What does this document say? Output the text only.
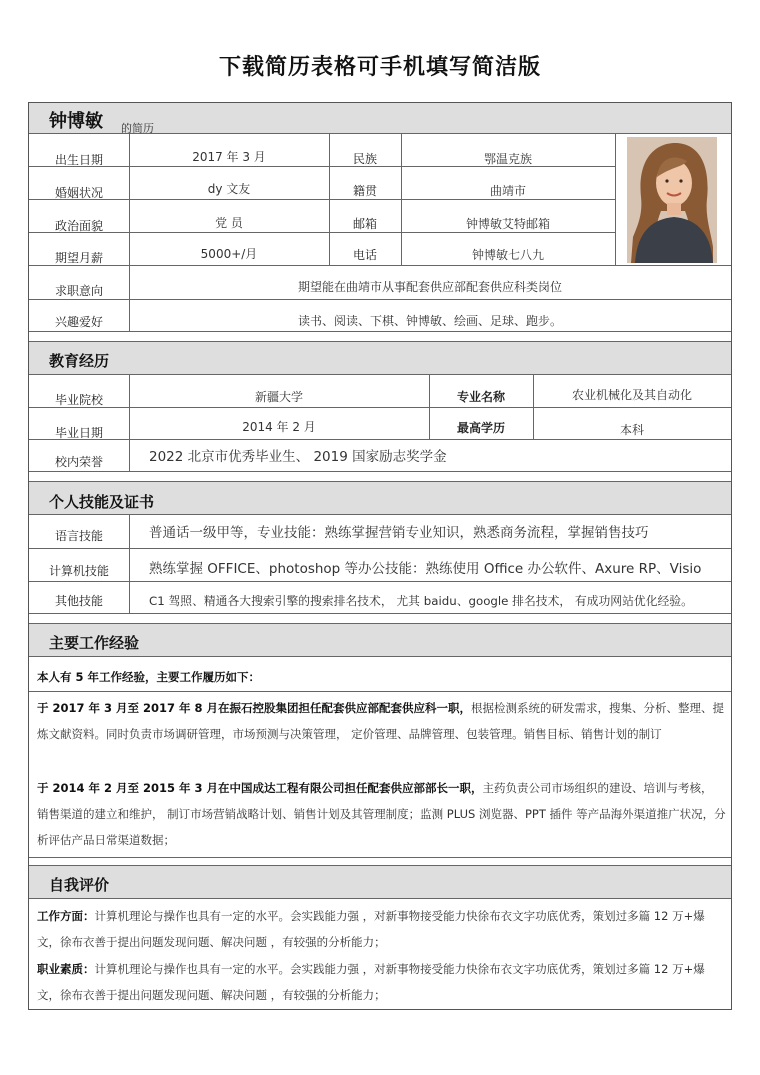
下载简历表格可手机填写简洁版
钟博敏 的简历
出生日期	2017 年 3 月	民族	鄂温克族
婚姻状况	dy 文友	籍贯	曲靖市
政治面貌	党 员	邮箱	钟博敏艾特邮箱
期望月薪	5000+/月	电话	钟博敏七八九
求职意向	期望能在曲靖市从事配套供应部配套供应科类岗位
兴趣爱好	读书、阅读、下棋、钟博敏、绘画、足球、跑步。
教育经历
毕业院校	新疆大学	专业名称	农业机械化及其自动化
毕业日期	2014 年 2 月	最高学历	本科
校内荣誉	2022 北京市优秀毕业生、 2019 国家励志奖学金
个人技能及证书
语言技能	普通话一级甲等，专业技能：熟练掌握营销专业知识，熟悉商务流程，掌握销售技巧
计算机技能	熟练掌握 OFFICE、photoshop 等办公技能：熟练使用 Office 办公软件、Axure RP、Visio
其他技能	C1 驾照、精通各大搜索引擎的搜索排名技术， 尤其 baidu、google 排名技术， 有成功网站优化经验。
主要工作经验
本人有 5 年工作经验，主要工作履历如下：
于 2017 年 3 月至 2017 年 8 月在振石控股集团担任配套供应部配套供应科一职，根据检测系统的研发需求，搜集、分析、整理、提炼文献资料。同时负责市场调研管理，市场预测与决策管理， 定价管理、品牌管理、包装管理。销售目标、销售计划的制订
于 2014 年 2 月至 2015 年 3 月在中国成达工程有限公司担任配套供应部部长一职，主药负责公司市场组织的建设、培训与考核， 销售渠道的建立和维护， 制订市场营销战略计划、销售计划及其管理制度；监测 PLUS 浏览器、PPT 插件 等产品海外渠道推广状况，分析评估产品日常渠道数据；
自我评价
工作方面：计算机理论与操作也具有一定的水平。会实践能力强 ，对新事物接受能力快徐布衣文字功底优秀，策划过多篇 12 万+爆文，徐布衣善于提出问题发现问题、解决问题 ，有较强的分析能力；
职业素质：计算机理论与操作也具有一定的水平。会实践能力强 ，对新事物接受能力快徐布衣文字功底优秀，策划过多篇 12 万+爆文，徐布衣善于提出问题发现问题、解决问题 ，有较强的分析能力；
